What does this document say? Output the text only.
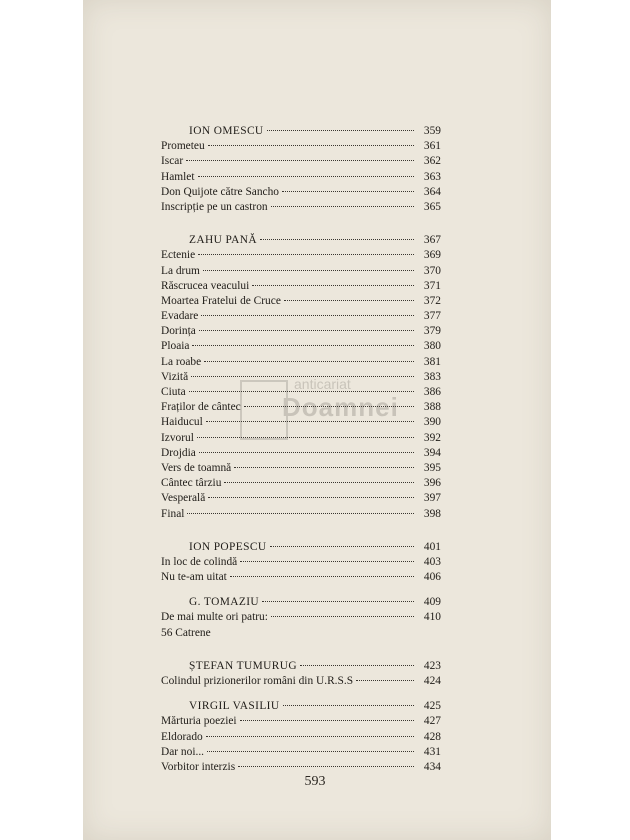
anticariat
Doamnei
ION OMESCU	359
Prometeu	361
Iscar	362
Hamlet	363
Don Quijote către Sancho	364
Inscripție pe un castron	365
ZAHU PANĂ	367
Ectenie	369
La drum	370
Răscrucea veacului	371
Moartea Fratelui de Cruce	372
Evadare	377
Dorința	379
Ploaia	380
La roabe	381
Vizită	383
Ciuta	386
Fraților de cântec	388
Haiducul	390
Izvorul	392
Drojdia	394
Vers de toamnă	395
Cântec târziu	396
Vesperală	397
Final	398
ION POPESCU	401
In loc de colindă	403
Nu te-am uitat	406
G. TOMAZIU	409
De mai multe ori patru:	410
56 Catrene
ȘTEFAN TUMURUG	423
Colindul prizionerilor români din U.R.S.S	424
VIRGIL VASILIU	425
Mărturia poeziei	427
Eldorado	428
Dar noi...	431
Vorbitor interzis	434
593
